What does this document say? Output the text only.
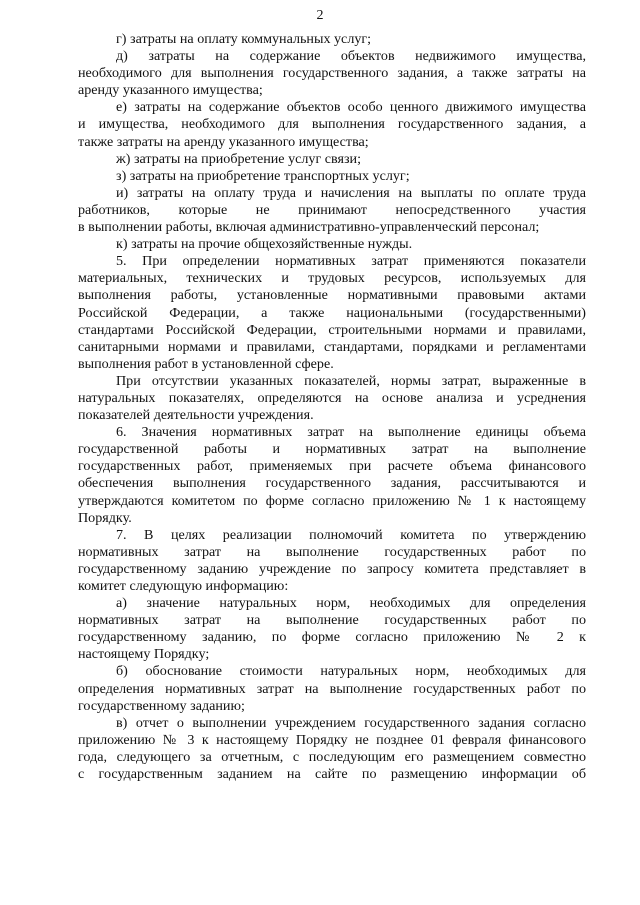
2
г) затраты на оплату коммунальных услуг;
д) затраты на содержание объектов недвижимого имущества,
необходимого для выполнения государственного задания, а также затраты на
аренду указанного имущества;
е) затраты на содержание объектов особо ценного движимого имущества
и имущества, необходимого для выполнения государственного задания, а
также затраты на аренду указанного имущества;
ж) затраты на приобретение услуг связи;
з) затраты на приобретение транспортных услуг;
и) затраты на оплату труда и начисления на выплаты по оплате труда
работников, которые не принимают непосредственного участия
в выполнении работы, включая административно-управленческий персонал;
к) затраты на прочие общехозяйственные нужды.
5. При определении нормативных затрат применяются показатели
материальных, технических и трудовых ресурсов, используемых для
выполнения работы, установленные нормативными правовыми актами
Российской Федерации, а также национальными (государственными)
стандартами Российской Федерации, строительными нормами и правилами,
санитарными нормами и правилами, стандартами, порядками и регламентами
выполнения работ в установленной сфере.
При отсутствии указанных показателей, нормы затрат, выраженные в
натуральных показателях, определяются на основе анализа и усреднения
показателей деятельности учреждения.
6. Значения нормативных затрат на выполнение единицы объема
государственной работы и нормативных затрат на выполнение
государственных работ, применяемых при расчете объема финансового
обеспечения выполнения государственного задания, рассчитываются и
утверждаются комитетом по форме согласно приложению № 1 к настоящему
Порядку.
7. В целях реализации полномочий комитета по утверждению
нормативных затрат на выполнение государственных работ по
государственному заданию учреждение по запросу комитета представляет в
комитет следующую информацию:
а) значение натуральных норм, необходимых для определения
нормативных затрат на выполнение государственных работ по
государственному заданию, по форме согласно приложению № 2 к
настоящему Порядку;
б) обоснование стоимости натуральных норм, необходимых для
определения нормативных затрат на выполнение государственных работ по
государственному заданию;
в) отчет о выполнении учреждением государственного задания согласно
приложению № 3 к настоящему Порядку не позднее 01 февраля финансового
года, следующего за отчетным, с последующим его размещением совместно
с государственным заданием на сайте по размещению информации об
